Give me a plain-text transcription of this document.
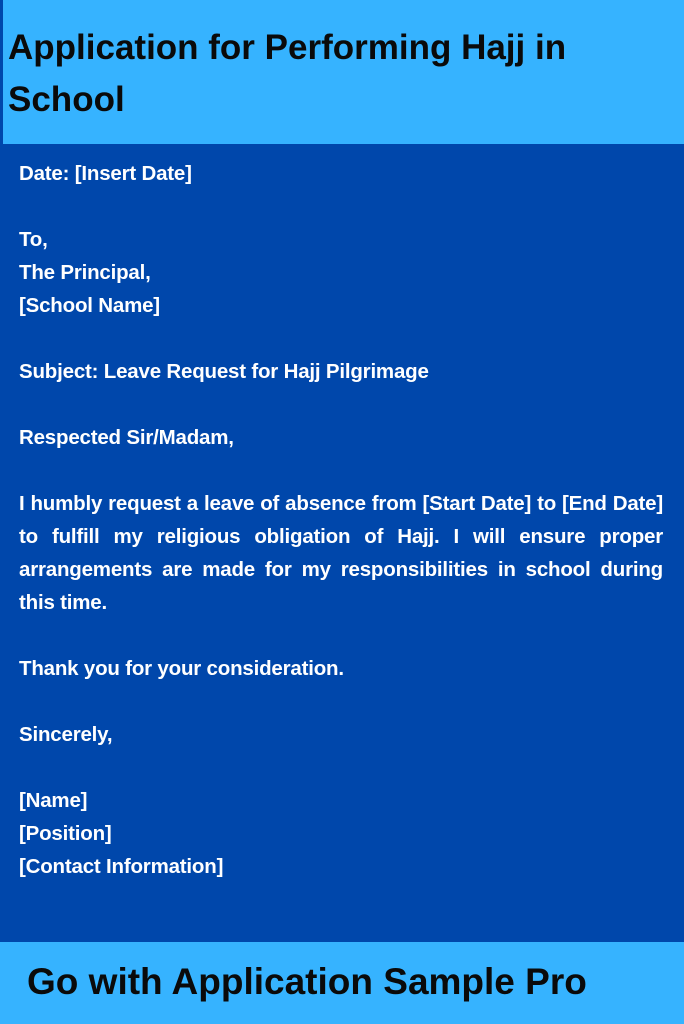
Application for Performing Hajj in School
Date: [Insert Date]
To,
The Principal,
[School Name]
Subject: Leave Request for Hajj Pilgrimage
Respected Sir/Madam,
I humbly request a leave of absence from [Start Date] to [End Date] to fulfill my religious obligation of Hajj. I will ensure proper arrangements are made for my responsibilities in school during this time.
Thank you for your consideration.
Sincerely,
[Name]
[Position]
[Contact Information]
Go with Application Sample Pro
